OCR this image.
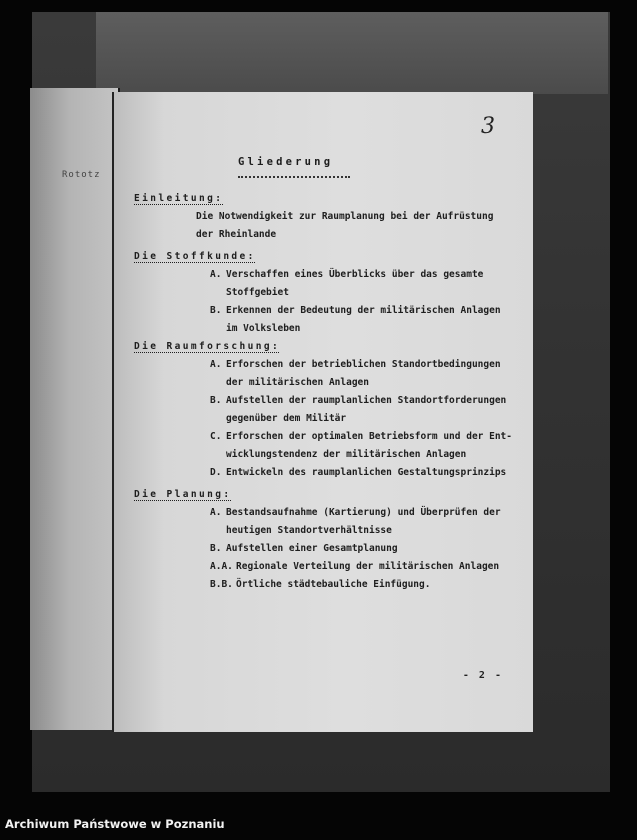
Rototz
3
Gliederung
Einleitung:
Die Notwendigkeit zur Raumplanung bei der Aufrüstung
der Rheinlande
Die Stoffkunde:
A. Verschaffen eines Überblicks über das gesamte
Stoffgebiet
B. Erkennen der Bedeutung der militärischen Anlagen
im Volksleben
Die Raumforschung:
A. Erforschen der betrieblichen Standortbedingungen
der militärischen Anlagen
B. Aufstellen der raumplanlichen Standortforderungen
gegenüber dem Militär
C. Erforschen der optimalen Betriebsform und der Ent-
wicklungstendenz der militärischen Anlagen
D. Entwickeln des raumplanlichen Gestaltungsprinzips
Die Planung:
A. Bestandsaufnahme (Kartierung) und Überprüfen der
heutigen Standortverhältnisse
B. Aufstellen einer Gesamtplanung
A.A. Regionale Verteilung der militärischen Anlagen
B.B. Örtliche städtebauliche Einfügung.
- 2 -
Archiwum Państwowe w Poznaniu
